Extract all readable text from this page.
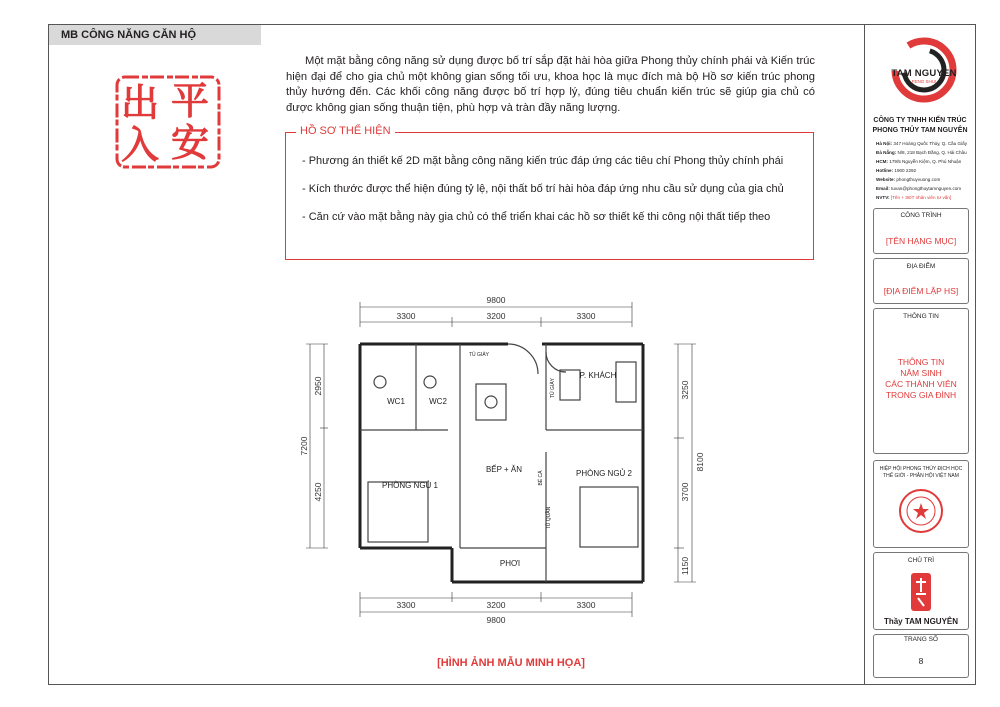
MB CÔNG NĂNG CĂN HỘ
出 平
入 安
Một mặt bằng công năng sử dụng được bố trí sắp đặt hài hòa giữa Phong thủy chính phái và Kiến trúc hiện đại để cho gia chủ một không gian sống tối ưu, khoa học là mục đích mà bộ Hồ sơ kiến trúc phong thủy hướng đến. Các khối công năng được bố trí hợp lý, đúng tiêu chuẩn kiến trúc sẽ giúp gia chủ có được không gian sống thuận tiện, phù hợp và tràn đầy năng lượng.
HỒ SƠ THỂ HIỆN
- Phương án thiết kế 2D mặt bằng công năng kiến trúc đáp ứng các tiêu chí Phong thủy chính phái
- Kích thước được thể hiện đúng tỷ lệ, nội thất bố trí hài hòa đáp ứng nhu cầu sử dụng của gia chủ
- Căn cứ vào mặt bằng này gia chủ có thể triển khai các hồ sơ thiết kế thi công nội thất tiếp theo
9800
3300	3200	3300
3300	3200	3300
9800
7200
2950
4250
8100
3250
3700
1150
WC1	WC2
P. KHÁCH
BẾP + ĂN
PHÒNG NGỦ 1
PHÒNG NGỦ 2
PHƠI
TỦ GIÀY
TỦ GIÀY
BỂ CÁ
TỦ QUẦN
[HÌNH ẢNH MẪU MINH HỌA]
TAM NGUYEN
FENG SHUI
CÔNG TY TNHH KIẾN TRÚC PHONG THỦY TAM NGUYÊN
Hà Nội: 347 Hoàng Quốc Thủy, Q. Cầu Giấy
Đà Nẵng: N/8, 218 Bạch Đằng, Q. Hải Châu
HCM: 179/5 Nguyễn Kiệm, Q. Phú Nhuận
Hotline: 1900 2292
Website: phongthuyvuong.com
Email: tuvan@phongthuytamnguyen.com
NVTV: [Tên + SĐT nhân viên tư vấn]
CÔNG TRÌNH
[TÊN HẠNG MỤC]
ĐỊA ĐIỂM
[ĐỊA ĐIỂM LẬP HS]
THÔNG TIN
THÔNG TIN
NĂM SINH
CÁC THÀNH VIÊN
TRONG GIA ĐÌNH
HIỆP HỘI PHONG THỦY ĐỊCH HỌC
THẾ GIỚI - PHÂN HỘI VIỆT NAM
CHỦ TRÌ
Thầy TAM NGUYÊN
TRANG SỐ
8
